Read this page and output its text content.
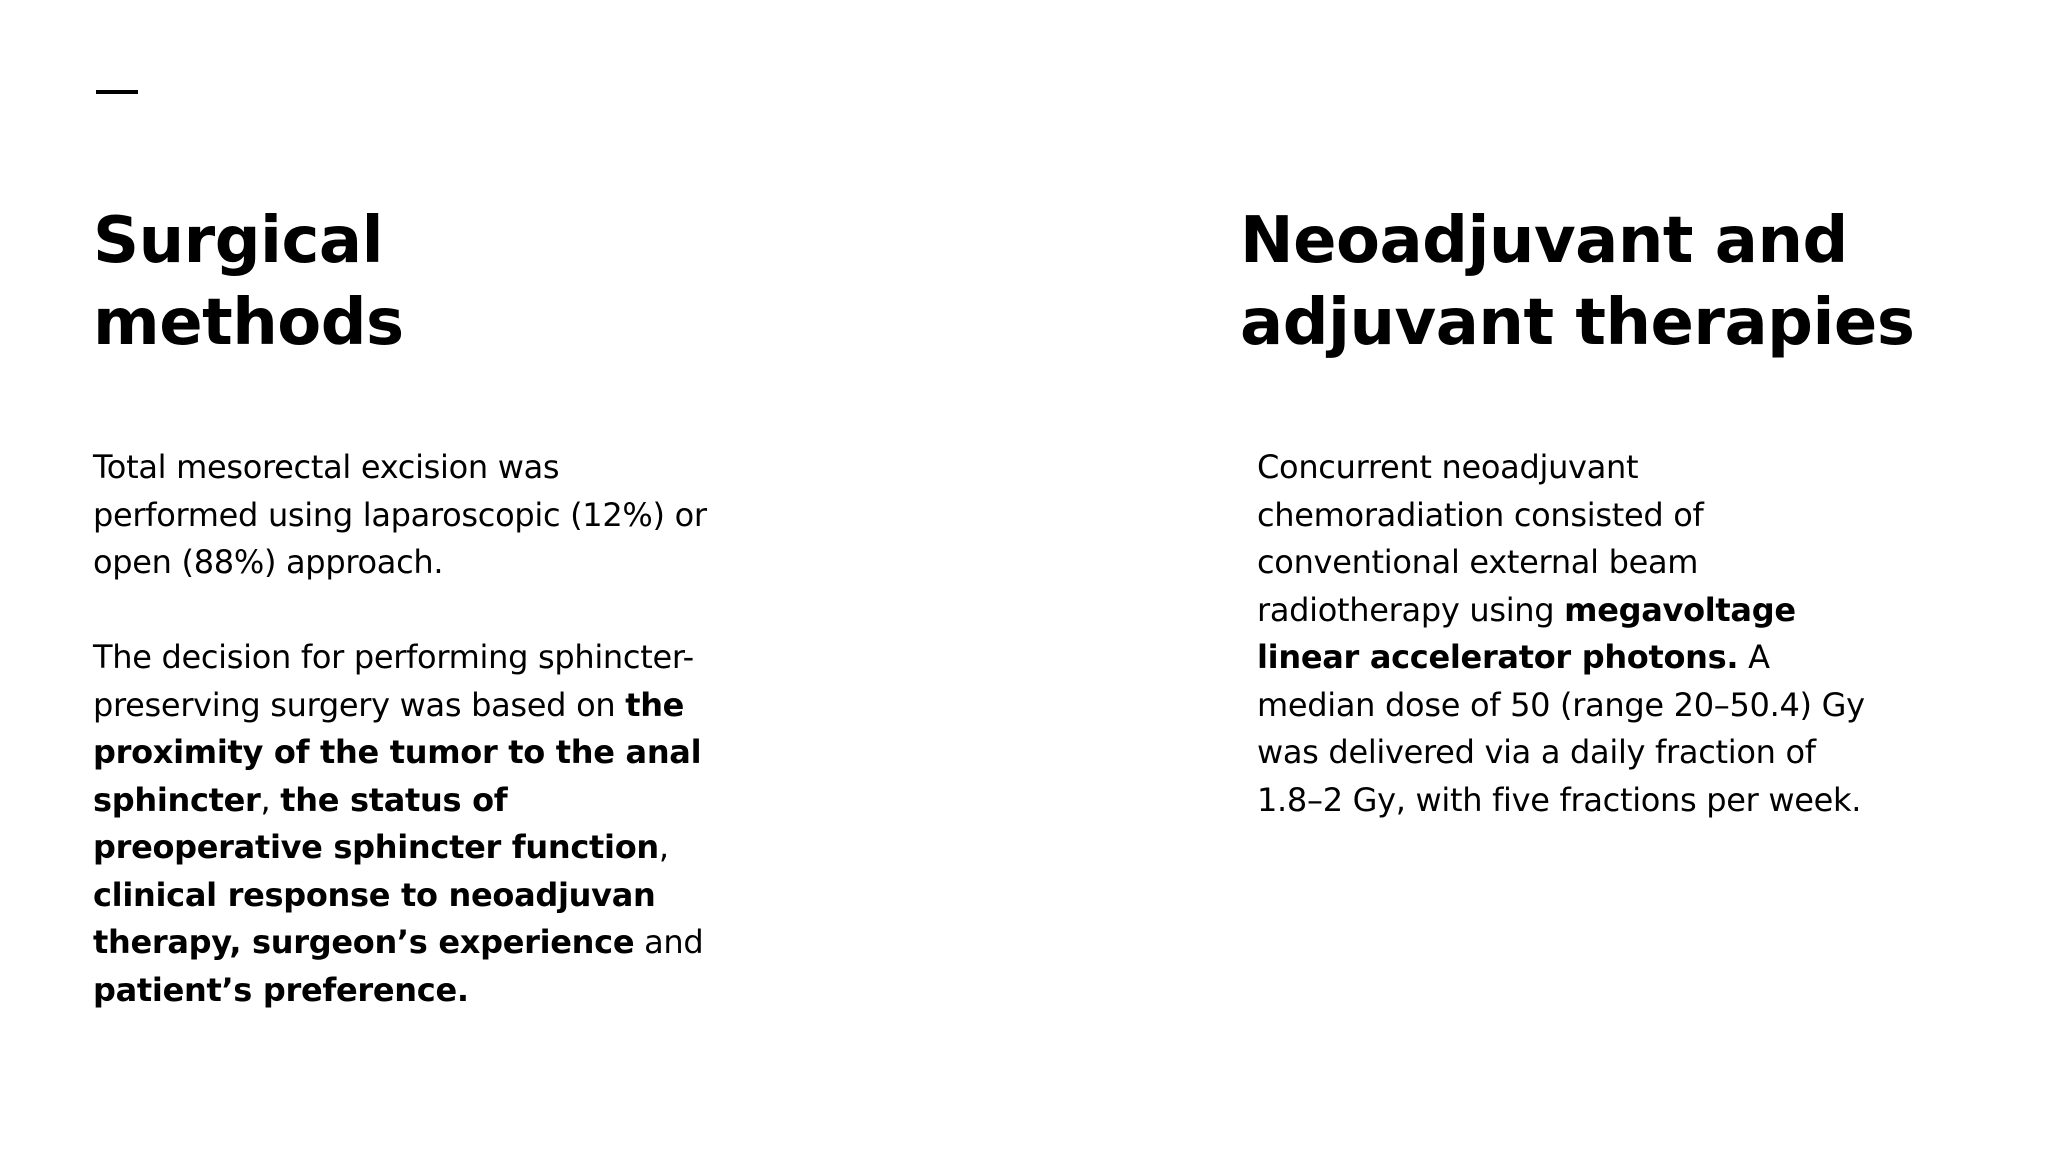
Surgical
methods

Total mesorectal excision was performed using laparoscopic (12%) or open (88%) approach.

The decision for performing sphincter-preserving surgery was based on the proximity of the tumor to the anal sphincter, the status of preoperative sphincter function, clinical response to neoadjuvan therapy, surgeon’s experience and patient’s preference.

Neoadjuvant and
adjuvant therapies

Concurrent neoadjuvant chemoradiation consisted of conventional external beam radiotherapy using megavoltage linear accelerator photons. A median dose of 50 (range 20–50.4) Gy was delivered via a daily fraction of 1.8–2 Gy, with five fractions per week.
